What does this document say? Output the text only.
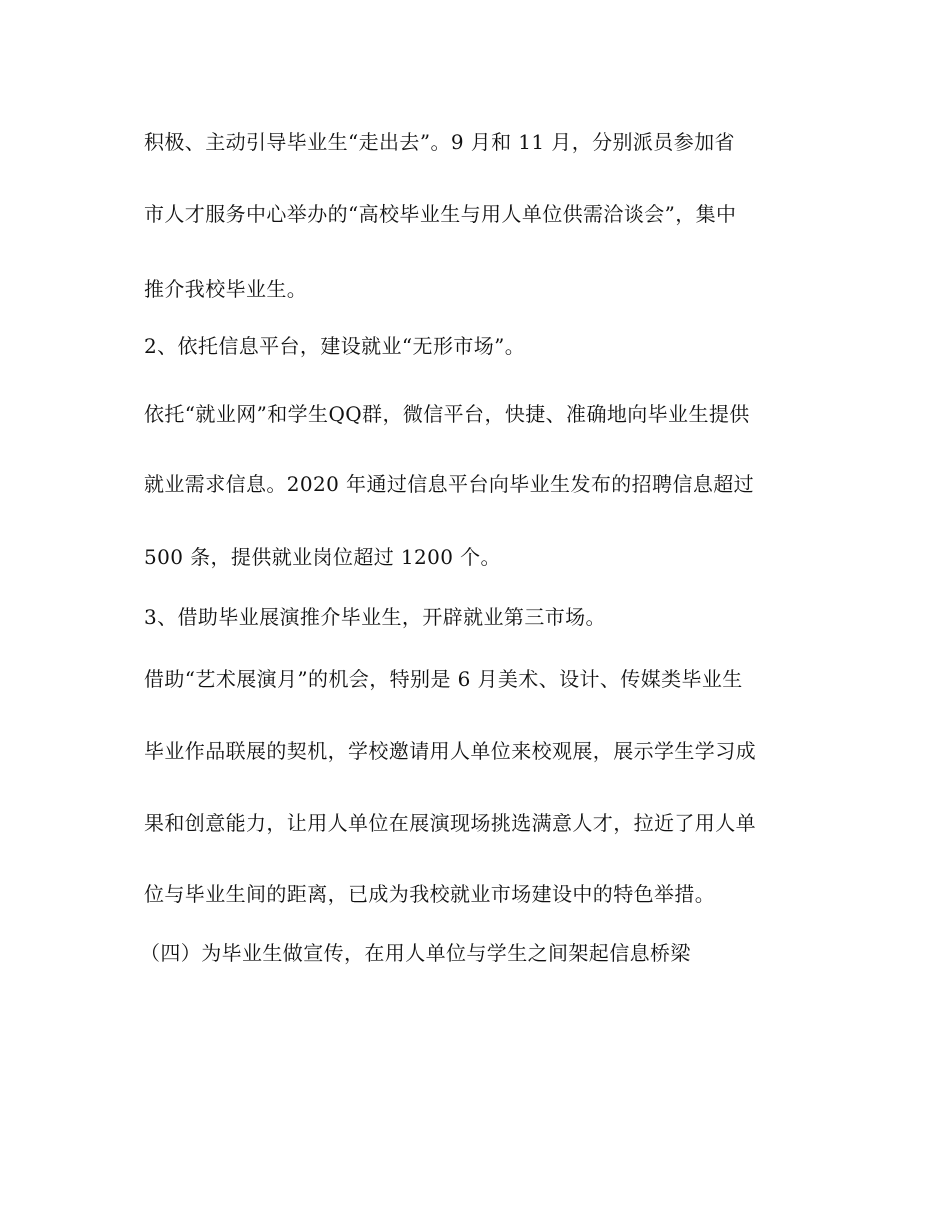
积极、主动引导毕业生“走出去”。9 月和 11 月，分别派员参加省
市人才服务中心举办的“高校毕业生与用人单位供需洽谈会”，集中
推介我校毕业生。
2、依托信息平台，建设就业“无形市场”。
依托“就业网”和学生QQ群，微信平台，快捷、准确地向毕业生提供
就业需求信息。2020 年通过信息平台向毕业生发布的招聘信息超过
500 条，提供就业岗位超过 1200 个。
3、借助毕业展演推介毕业生，开辟就业第三市场。
借助“艺术展演月”的机会，特别是 6 月美术、设计、传媒类毕业生
毕业作品联展的契机，学校邀请用人单位来校观展，展示学生学习成
果和创意能力，让用人单位在展演现场挑选满意人才，拉近了用人单
位与毕业生间的距离，已成为我校就业市场建设中的特色举措。
（四）为毕业生做宣传，在用人单位与学生之间架起信息桥梁
